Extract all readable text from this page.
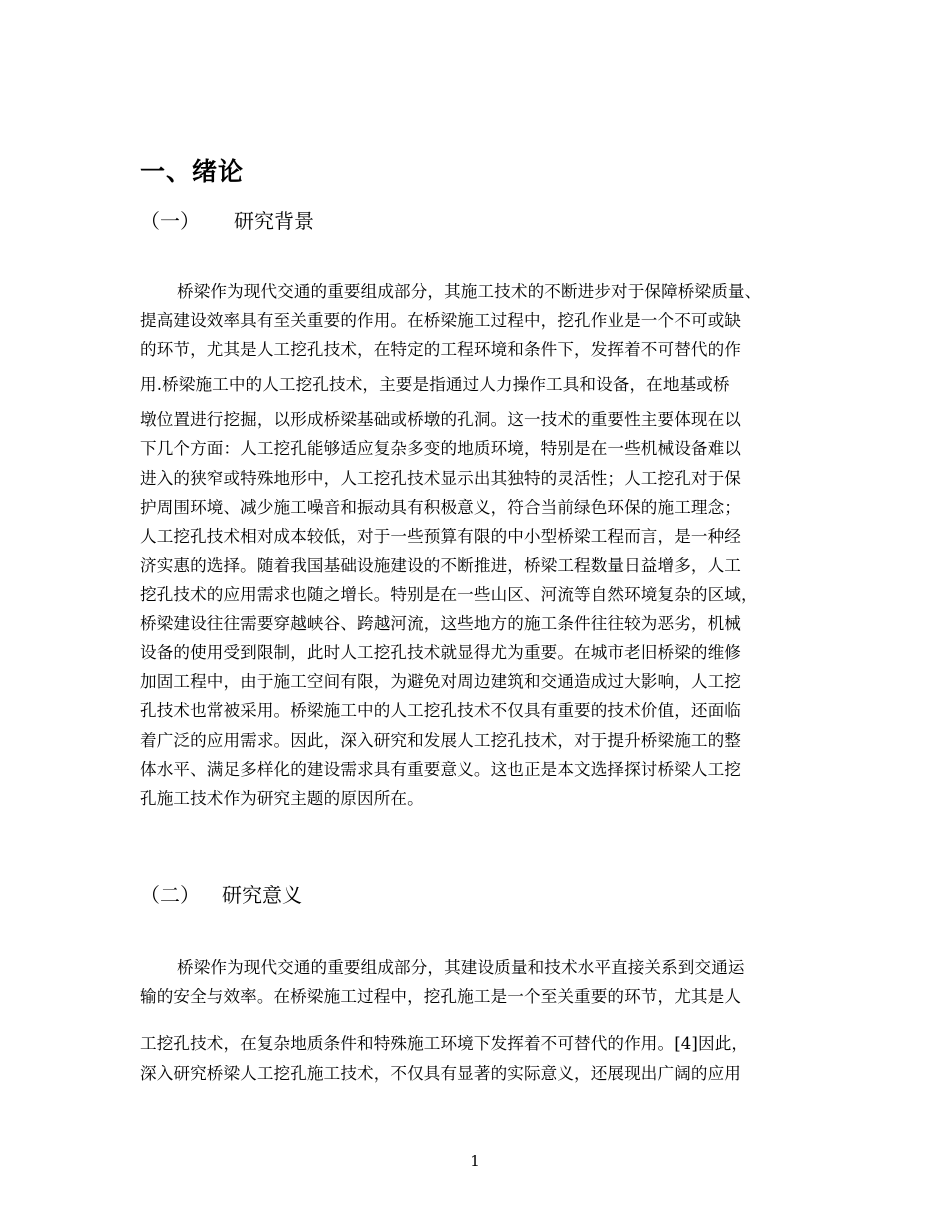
一、绪论
（一） 研究背景
桥梁作为现代交通的重要组成部分，其施工技术的不断进步对于保障桥梁质量、
提高建设效率具有至关重要的作用。在桥梁施工过程中，挖孔作业是一个不可或缺
的环节，尤其是人工挖孔技术，在特定的工程环境和条件下，发挥着不可替代的作
用.桥梁施工中的人工挖孔技术，主要是指通过人力操作工具和设备，在地基或桥
墩位置进行挖掘，以形成桥梁基础或桥墩的孔洞。这一技术的重要性主要体现在以
下几个方面：人工挖孔能够适应复杂多变的地质环境，特别是在一些机械设备难以
进入的狭窄或特殊地形中，人工挖孔技术显示出其独特的灵活性；人工挖孔对于保
护周围环境、减少施工噪音和振动具有积极意义，符合当前绿色环保的施工理念；
人工挖孔技术相对成本较低，对于一些预算有限的中小型桥梁工程而言，是一种经
济实惠的选择。随着我国基础设施建设的不断推进，桥梁工程数量日益增多，人工
挖孔技术的应用需求也随之增长。特别是在一些山区、河流等自然环境复杂的区域，
桥梁建设往往需要穿越峡谷、跨越河流，这些地方的施工条件往往较为恶劣，机械
设备的使用受到限制，此时人工挖孔技术就显得尤为重要。在城市老旧桥梁的维修
加固工程中，由于施工空间有限，为避免对周边建筑和交通造成过大影响，人工挖
孔技术也常被采用。桥梁施工中的人工挖孔技术不仅具有重要的技术价值，还面临
着广泛的应用需求。因此，深入研究和发展人工挖孔技术，对于提升桥梁施工的整
体水平、满足多样化的建设需求具有重要意义。这也正是本文选择探讨桥梁人工挖
孔施工技术作为研究主题的原因所在。
（二） 研究意义
桥梁作为现代交通的重要组成部分，其建设质量和技术水平直接关系到交通运
输的安全与效率。在桥梁施工过程中，挖孔施工是一个至关重要的环节，尤其是人
工挖孔技术，在复杂地质条件和特殊施工环境下发挥着不可替代的作用。[4]因此，
深入研究桥梁人工挖孔施工技术，不仅具有显著的实际意义，还展现出广阔的应用
1
